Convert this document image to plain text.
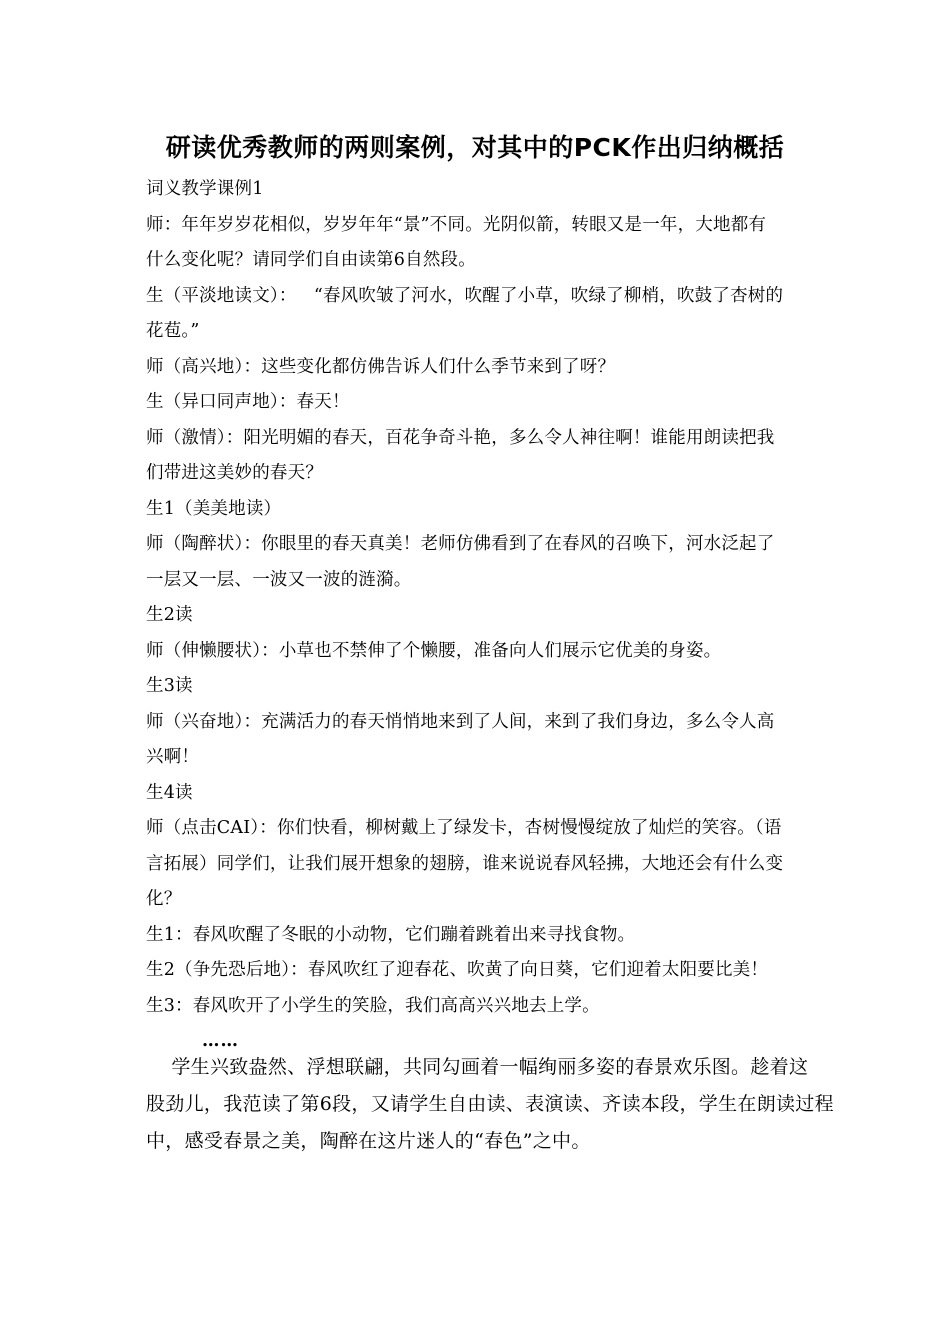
研读优秀教师的两则案例，对其中的PCK作出归纳概括
词义教学课例1
师：年年岁岁花相似，岁岁年年“景”不同。光阴似箭，转眼又是一年，大地都有
什么变化呢？请同学们自由读第6自然段。
生（平淡地读文）：   “春风吹皱了河水，吹醒了小草，吹绿了柳梢，吹鼓了杏树的
花苞。”
师（高兴地）：这些变化都仿佛告诉人们什么季节来到了呀？
生（异口同声地）：春天！
师（激情）：阳光明媚的春天，百花争奇斗艳，多么令人神往啊！谁能用朗读把我
们带进这美妙的春天？
生1（美美地读）
师（陶醉状）：你眼里的春天真美！老师仿佛看到了在春风的召唤下，河水泛起了
一层又一层、一波又一波的涟漪。
生2读
师（伸懒腰状）：小草也不禁伸了个懒腰，准备向人们展示它优美的身姿。
生3读
师（兴奋地）：充满活力的春天悄悄地来到了人间，来到了我们身边，多么令人高
兴啊！
生4读
师（点击CAI）：你们快看，柳树戴上了绿发卡，杏树慢慢绽放了灿烂的笑容。（语
言拓展）同学们，让我们展开想象的翅膀，谁来说说春风轻拂，大地还会有什么变
化？
生1：春风吹醒了冬眠的小动物，它们蹦着跳着出来寻找食物。
生2（争先恐后地）：春风吹红了迎春花、吹黄了向日葵，它们迎着太阳要比美！
生3：春风吹开了小学生的笑脸，我们高高兴兴地去上学。
……
学生兴致盎然、浮想联翩，共同勾画着一幅绚丽多姿的春景欢乐图。趁着这
股劲儿，我范读了第6段，又请学生自由读、表演读、齐读本段，学生在朗读过程
中，感受春景之美，陶醉在这片迷人的“春色”之中。
